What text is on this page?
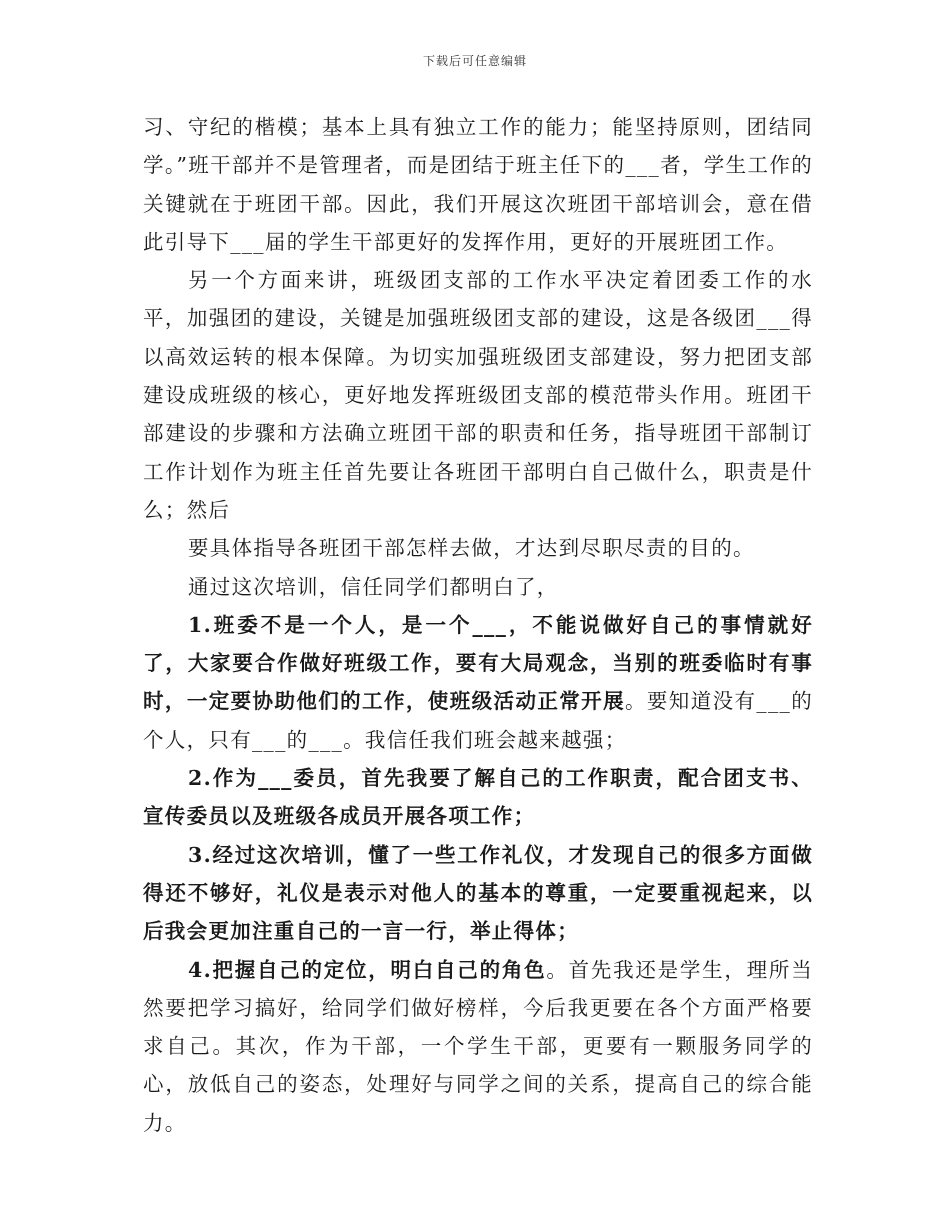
下载后可任意编辑

习、守纪的楷模；基本上具有独立工作的能力；能坚持原则，团结同学。”班干部并不是管理者，而是团结于班主任下的___者，学生工作的关键就在于班团干部。因此，我们开展这次班团干部培训会，意在借此引导下___届的学生干部更好的发挥作用，更好的开展班团工作。

另一个方面来讲，班级团支部的工作水平决定着团委工作的水平，加强团的建设，关键是加强班级团支部的建设，这是各级团___得以高效运转的根本保障。为切实加强班级团支部建设，努力把团支部建设成班级的核心，更好地发挥班级团支部的模范带头作用。班团干部建设的步骤和方法确立班团干部的职责和任务，指导班团干部制订工作计划作为班主任首先要让各班团干部明白自己做什么，职责是什么；然后

要具体指导各班团干部怎样去做，才达到尽职尽责的目的。

通过这次培训，信任同学们都明白了，

1.班委不是一个人，是一个___，不能说做好自己的事情就好了，大家要合作做好班级工作，要有大局观念，当别的班委临时有事时，一定要协助他们的工作，使班级活动正常开展。要知道没有___的个人，只有___的___。我信任我们班会越来越强；

2.作为___委员，首先我要了解自己的工作职责，配合团支书、宣传委员以及班级各成员开展各项工作；

3.经过这次培训，懂了一些工作礼仪，才发现自己的很多方面做得还不够好，礼仪是表示对他人的基本的尊重，一定要重视起来，以后我会更加注重自己的一言一行，举止得体；

4.把握自己的定位，明白自己的角色。首先我还是学生，理所当然要把学习搞好，给同学们做好榜样，今后我更要在各个方面严格要求自己。其次，作为干部，一个学生干部，更要有一颗服务同学的心，放低自己的姿态，处理好与同学之间的关系，提高自己的综合能力。
